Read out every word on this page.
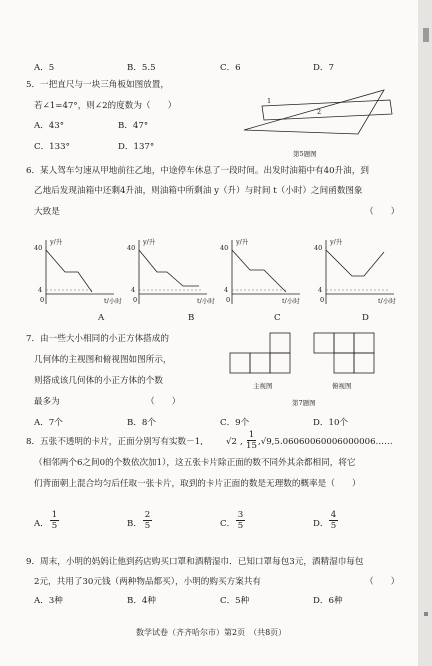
A．5	B．5.5	C．6	D．7
5．一把直尺与一块三角板如图放置，
若∠1=47°，则∠2的度数为（　　）
A．43°	B．47°
C．133°	D．137°
1
2
第5题图
6．某人驾车匀速从甲地前往乙地，中途停车休息了一段时间。出发时油箱中有40升油，到
乙地后发现油箱中还剩4升油，则油箱中所剩油 y（升）与时间 t（小时）之间函数图象
大致是	（　　）
40
4
0
y/升
t/小时
A
40
4
0
y/升
t/小时
B
40
4
0
y/升
t/小时
C
40
4
0
y/升
t/小时
D
7．由一些大小相同的小正方体搭成的
几何体的主视图和俯视图如图所示，
则搭成该几何体的小正方体的个数
最多为	（　　）
主视图	俯视图
第7题图
A．7个	B．8个	C．9个	D．10个
8．五张不透明的卡片，正面分别写有实数－1,	√2 ,
1
15 ,√9,5.06060060006000006……
（相邻两个6之间0的个数依次加1），这五张卡片除正面的数不同外其余都相同，将它
们背面朝上混合均匀后任取一张卡片，取到的卡片正面的数是无理数的概率是（　　）
A．
1
5	B．
2
5	C．
3
5	D．
4
5
9．周末，小明的妈妈让他到药店购买口罩和酒精湿巾．已知口罩每包3元，酒精湿巾每包
2元，共用了30元钱（两种物品都买），小明的购买方案共有	（　　）
A．3种	B．4种	C．5种	D．6种
数学试卷（齐齐哈尔市）第2页　（共8页）
